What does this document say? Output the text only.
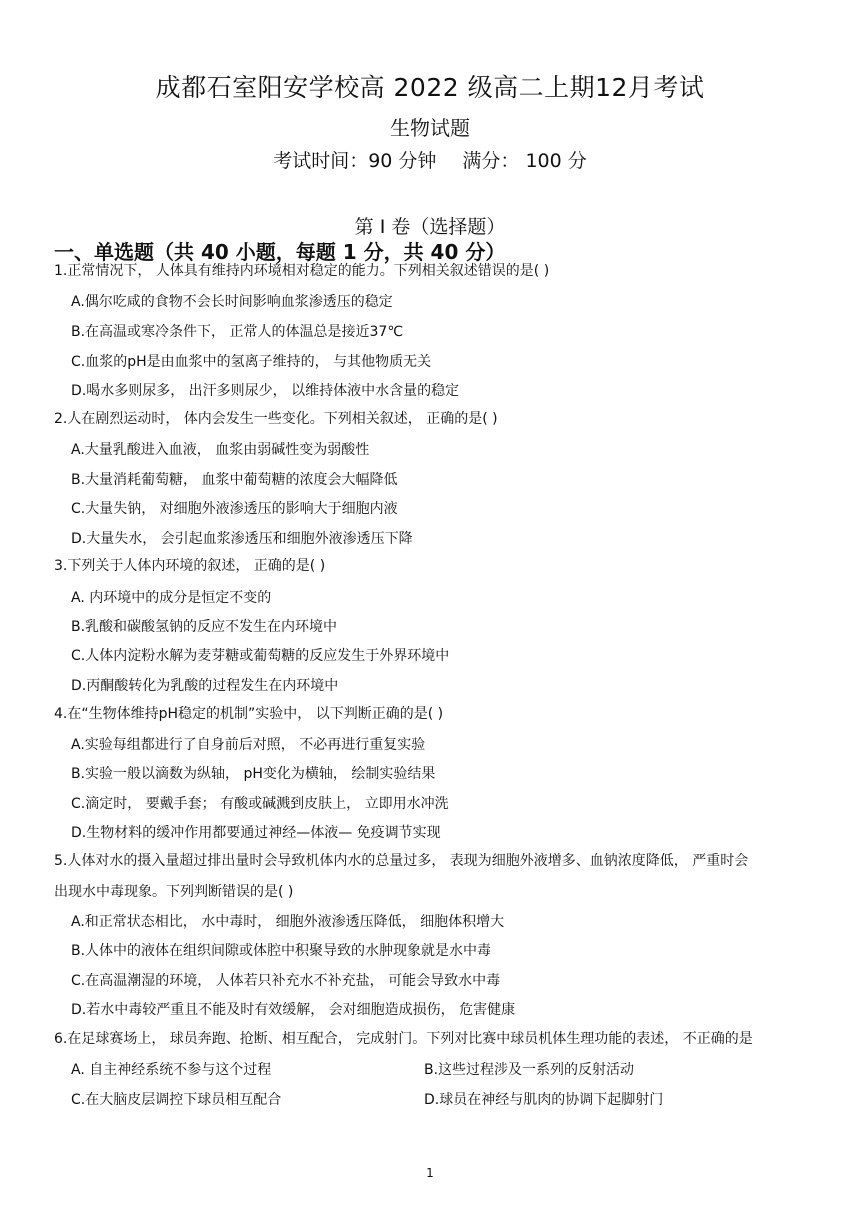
成都石室阳安学校高 2022 级高二上期12月考试
生物试题
考试时间：90 分钟 满分： 100 分
第 Ⅰ 卷（选择题）
一、单选题（共 40 小题，每题 1 分，共 40 分）
1.正常情况下， 人体具有维持内环境相对稳定的能力。下列相关叙述错误的是( )
A.偶尔吃咸的食物不会长时间影响血浆渗透压的稳定
B.在高温或寒冷条件下， 正常人的体温总是接近37℃
C.血浆的pH是由血浆中的氢离子维持的， 与其他物质无关
D.喝水多则尿多， 出汗多则尿少， 以维持体液中水含量的稳定
2.人在剧烈运动时， 体内会发生一些变化。下列相关叙述， 正确的是( )
A.大量乳酸进入血液， 血浆由弱碱性变为弱酸性
B.大量消耗葡萄糖， 血浆中葡萄糖的浓度会大幅降低
C.大量失钠， 对细胞外液渗透压的影响大于细胞内液
D.大量失水， 会引起血浆渗透压和细胞外液渗透压下降
3.下列关于人体内环境的叙述， 正确的是( )
A. 内环境中的成分是恒定不变的
B.乳酸和碳酸氢钠的反应不发生在内环境中
C.人体内淀粉水解为麦芽糖或葡萄糖的反应发生于外界环境中
D.丙酮酸转化为乳酸的过程发生在内环境中
4.在“生物体维持pH稳定的机制”实验中， 以下判断正确的是( )
A.实验每组都进行了自身前后对照， 不必再进行重复实验
B.实验一般以滴数为纵轴， pH变化为横轴， 绘制实验结果
C.滴定时， 要戴手套； 有酸或碱溅到皮肤上， 立即用水冲洗
D.生物材料的缓冲作用都要通过神经—体液— 免疫调节实现
5.人体对水的摄入量超过排出量时会导致机体内水的总量过多， 表现为细胞外液增多、血钠浓度降低， 严重时会
出现水中毒现象。下列判断错误的是( )
A.和正常状态相比， 水中毒时， 细胞外液渗透压降低， 细胞体积增大
B.人体中的液体在组织间隙或体腔中积聚导致的水肿现象就是水中毒
C.在高温潮湿的环境， 人体若只补充水不补充盐， 可能会导致水中毒
D.若水中毒较严重且不能及时有效缓解， 会对细胞造成损伤， 危害健康
6.在足球赛场上， 球员奔跑、抢断、相互配合， 完成射门。下列对比赛中球员机体生理功能的表述， 不正确的是
A. 自主神经系统不参与这个过程	B.这些过程涉及一系列的反射活动
C.在大脑皮层调控下球员相互配合	D.球员在神经与肌肉的协调下起脚射门
1
